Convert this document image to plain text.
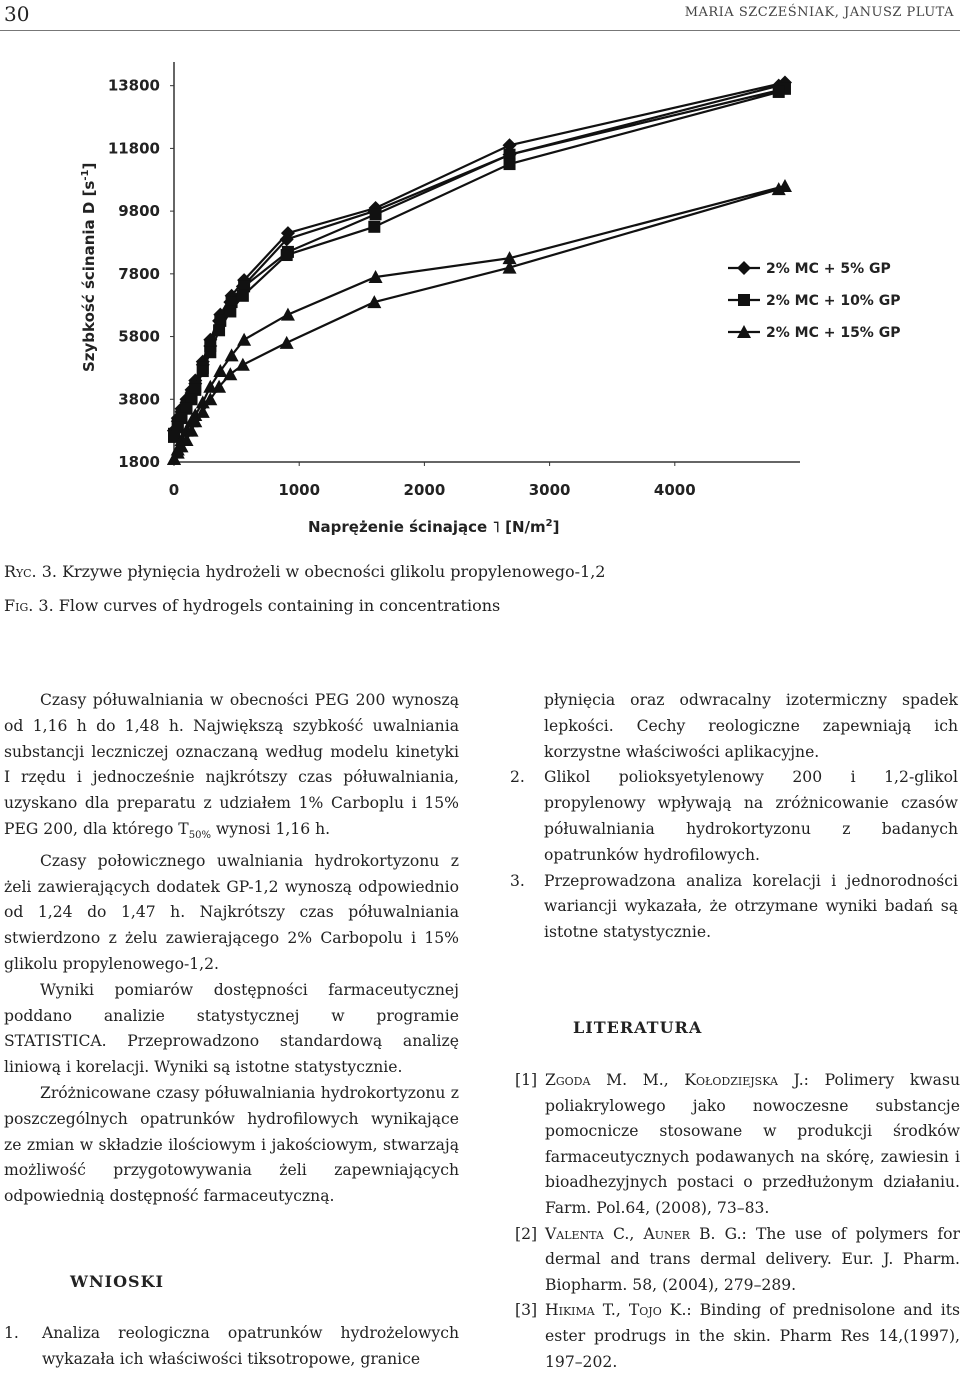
30	MARIA SZCZEŚNIAK, JANUSZ PLUTA
1800
3800
5800
7800
9800
11800
13800
0	1000	2000	3000	4000
2% MC + 5% GP
2% MC + 10% GP
2% MC + 15% GP
Szybkość ścinania D $[s^{-1}]$
Naprężenie ścinające ˥ $[N/m^2]$
Ryc. 3. Krzywe płynięcia hydrożeli w obecności glikolu propylenowego-1,2
Fig. 3. Flow curves of hydrogels containing in concentrations

Czasy półuwalniania w obecności PEG 200 wynoszą od 1,16 h do 1,48 h. Największą szybkość uwalniania substancji leczniczej oznaczaną według modelu kinetyki I rzędu i jednocześnie najkrótszy czas półuwalniania, uzyskano dla preparatu z udziałem 1% Carboplu i 15% PEG 200, dla którego $T_{50\%}$ wynosi 1,16 h.

Czasy połowicznego uwalniania hydrokortyzonu z żeli zawierających dodatek GP-1,2 wynoszą odpowiednio od 1,24 do 1,47 h. Najkrótszy czas półuwalniania stwierdzono z żelu zawierającego 2% Carbopolu i 15% glikolu propylenowego-1,2.

Wyniki pomiarów dostępności farmaceutycznej poddano analizie statystycznej w programie STATISTICA. Przeprowadzono standardową analizę liniową i korelacji. Wyniki są istotne statystycznie.

Zróżnicowane czasy półuwalniania hydrokortyzonu z poszczególnych opatrunków hydrofilowych wynikające ze zmian w składzie ilościowym i jakościowym, stwarzają możliwość przygotowywania żeli zapewniających odpowiednią dostępność farmaceutyczną.

WNIOSKI
1. Analiza reologiczna opatrunków hydrożelowych wykazała ich właściwości tiksotropowe, granice
płynięcia oraz odwracalny izotermiczny spadek lepkości. Cechy reologiczne zapewniają ich korzystne właściwości aplikacyjne.
2. Glikol polioksyetylenowy 200 i 1,2-glikol propylenowy wpływają na zróżnicowanie czasów półuwalniania hydrokortyzonu z badanych opatrunków hydrofilowych.
3. Przeprowadzona analiza korelacji i jednorodności wariancji wykazała, że otrzymane wyniki badań są istotne statystycznie.
LITERATURA
[1] Zgoda M. M., Kołodziejska J.: Polimery kwasu poliakrylowego jako nowoczesne substancje pomocnicze stosowane w produkcji środków farmaceutycznych podawanych na skórę, zawiesin i bioadhezyjnych postaci o przedłużonym działaniu. Farm. Pol.64, (2008), 73–83.
[2] Valenta C., Auner B. G.: The use of polymers for dermal and trans dermal delivery. Eur. J. Pharm. Biopharm. 58, (2004), 279–289.
[3] Hikima T., Tojo K.: Binding of prednisolone and its ester prodrugs in the skin. Pharm Res 14,(1997), 197–202.
